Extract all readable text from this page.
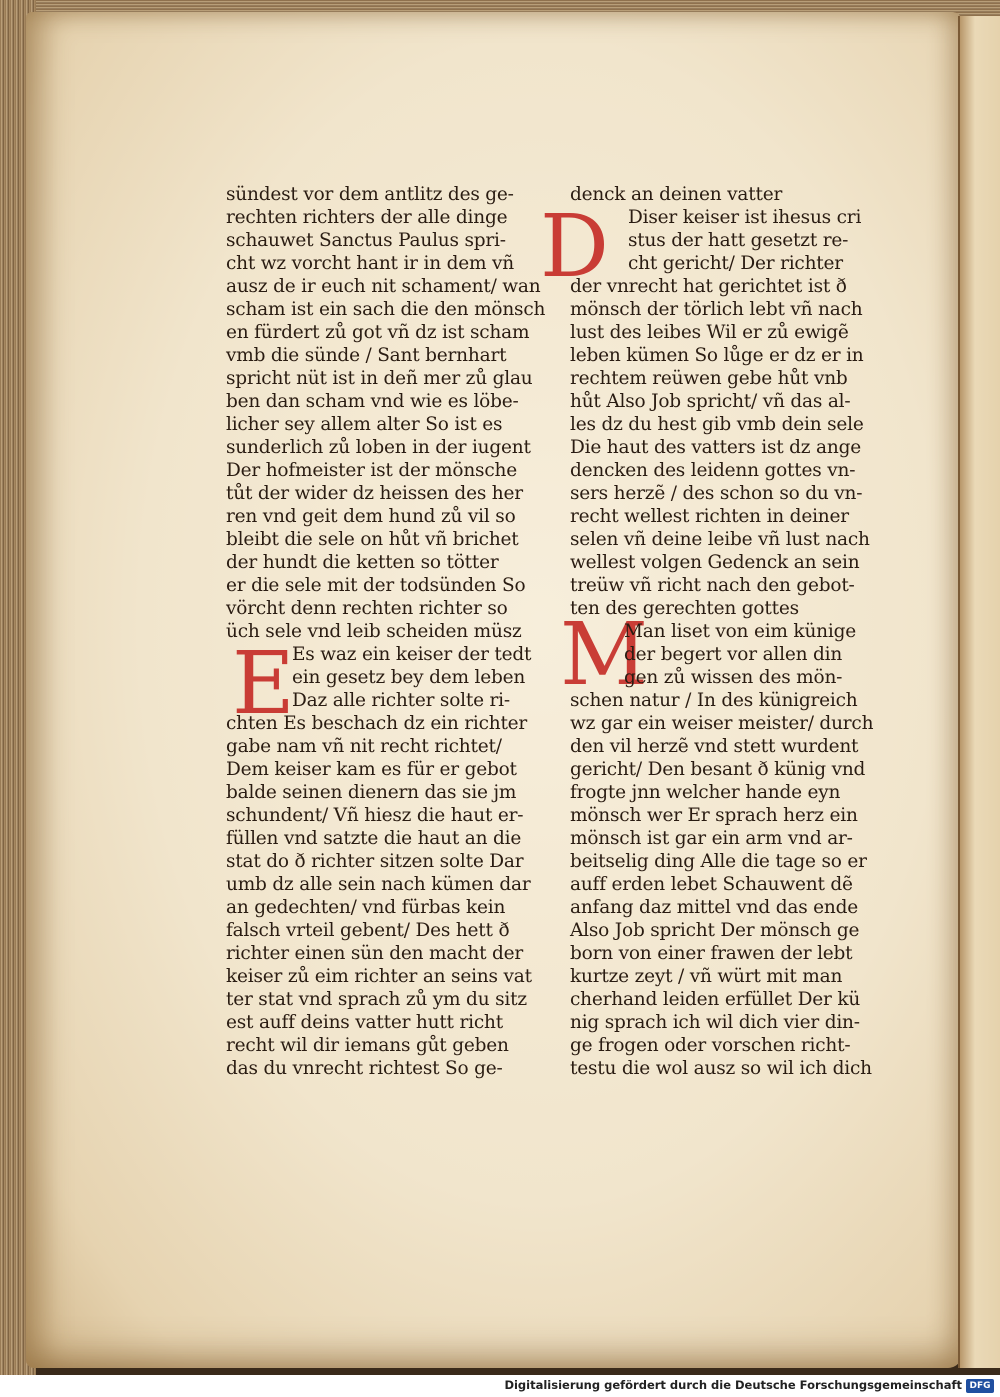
D
E	M
sündest vor dem antlitz des ge-
rechten richters der alle dinge
schauwet Sanctus Paulus spri-
cht wz vorcht hant ir in dem vñ
ausz de ir euch nit schament/ wan
scham ist ein sach die den mönsch
en fürdert zů got vñ dz ist scham
vmb die sünde / Sant bernhart
spricht nüt ist in deñ mer zů glau
ben dan scham vnd wie es löbe-
licher sey allem alter So ist es
sunderlich zů loben in der iugent
Der hofmeister ist der mönsche
tůt der wider dz heissen des her
ren vnd geit dem hund zů vil so
bleibt die sele on hůt vñ brichet
der hundt die ketten so tötter
er die sele mit der todsünden So
vörcht denn rechten richter so
üch sele vnd leib scheiden müsz
Es waz ein keiser der tedt
ein gesetz bey dem leben
Daz alle richter solte ri-
chten Es beschach dz ein richter
gabe nam vñ nit recht richtet/
Dem keiser kam es für er gebot
balde seinen dienern das sie jm
schundent/ Vñ hiesz die haut er-
füllen vnd satzte die haut an die
stat do ð richter sitzen solte Dar
umb dz alle sein nach kümen dar
an gedechten/ vnd fürbas kein
falsch vrteil gebent/ Des hett ð
richter einen sün den macht der
keiser zů eim richter an seins vat
ter stat vnd sprach zů ym du sitz
est auff deins vatter hutt richt
recht wil dir iemans gůt geben
das du vnrecht richtest So ge-
denck an deinen vatter
Diser keiser ist ihesus cri
stus der hatt gesetzt re-
cht gericht/ Der richter
der vnrecht hat gerichtet ist ð
mönsch der törlich lebt vñ nach
lust des leibes Wil er zů ewigẽ
leben kümen So lůge er dz er in
rechtem reüwen gebe hůt vnb
hůt Also Job spricht/ vñ das al-
les dz du hest gib vmb dein sele
Die haut des vatters ist dz ange
dencken des leidenn gottes vn-
sers herzẽ / des schon so du vn-
recht wellest richten in deiner
selen vñ deine leibe vñ lust nach
wellest volgen Gedenck an sein
treüw vñ richt nach den gebot-
ten des gerechten gottes
Man liset von eim künige
der begert vor allen din
gen zů wissen des mön-
schen natur / In des künigreich
wz gar ein weiser meister/ durch
den vil herzẽ vnd stett wurdent
gericht/ Den besant ð künig vnd
frogte jnn welcher hande eyn
mönsch wer Er sprach herz ein
mönsch ist gar ein arm vnd ar-
beitselig ding Alle die tage so er
auff erden lebet Schauwent dẽ
anfang daz mittel vnd das ende
Also Job spricht Der mönsch ge
born von einer frawen der lebt
kurtze zeyt / vñ würt mit man
cherhand leiden erfüllet Der kü
nig sprach ich wil dich vier din-
ge frogen oder vorschen richt-
testu die wol ausz so wil ich dich
Digitalisierung gefördert durch die Deutsche Forschungsgemeinschaft DFG
